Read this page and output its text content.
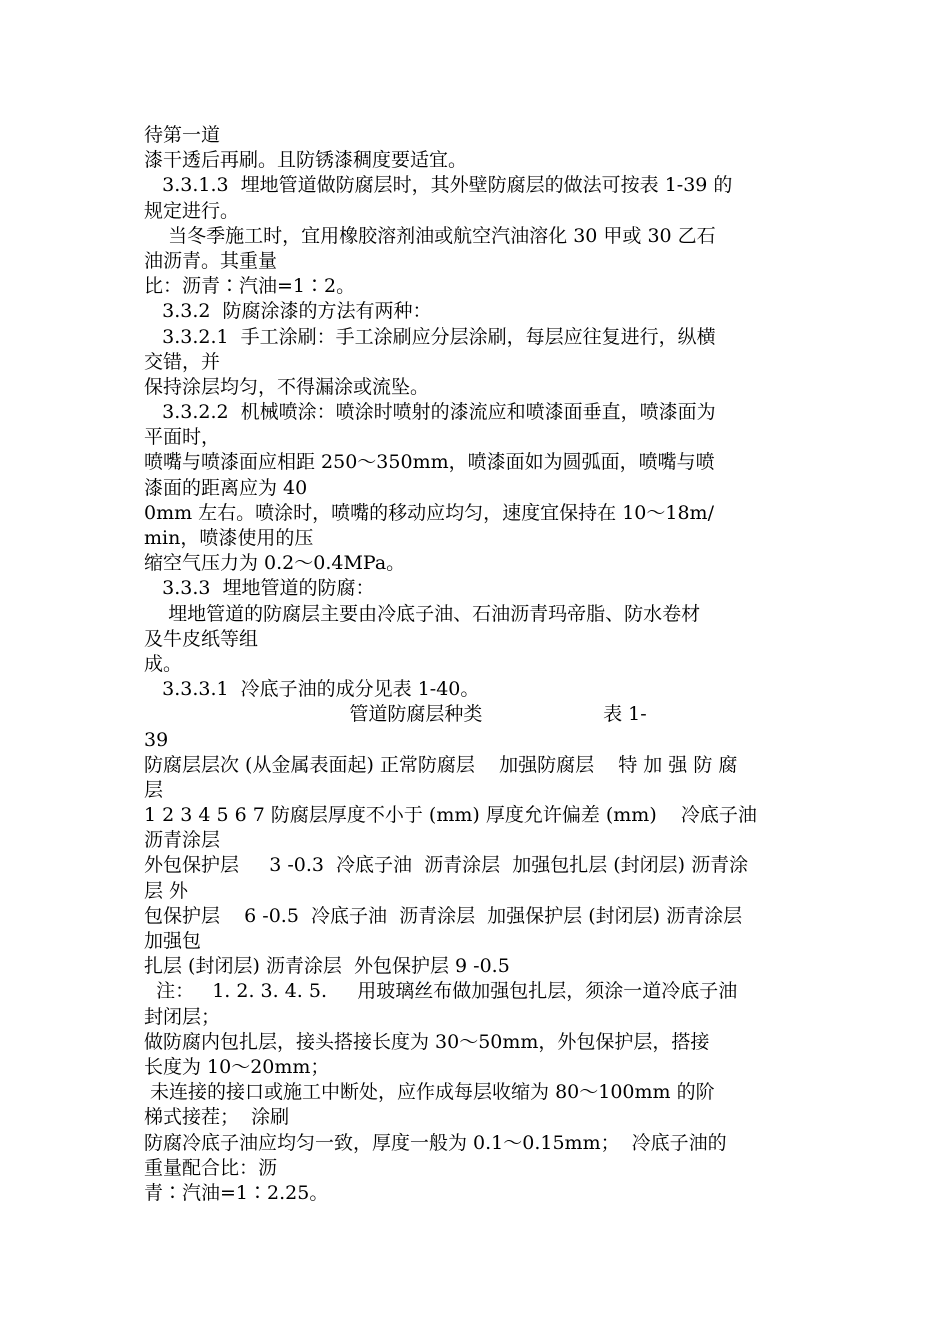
待第一道
漆干透后再刷。且防锈漆稠度要适宜。
3.3.1.3  埋地管道做防腐层时，其外壁防腐层的做法可按表 1-39 的
规定进行。
当冬季施工时，宜用橡胶溶剂油或航空汽油溶化 30 甲或 30 乙石
油沥青。其重量
比：沥青∶汽油=1∶2。
3.3.2  防腐涂漆的方法有两种：
3.3.2.1  手工涂刷：手工涂刷应分层涂刷，每层应往复进行，纵横
交错，并
保持涂层均匀，不得漏涂或流坠。
3.3.2.2  机械喷涂：喷涂时喷射的漆流应和喷漆面垂直，喷漆面为
平面时，
喷嘴与喷漆面应相距 250～350mm，喷漆面如为圆弧面，喷嘴与喷
漆面的距离应为 40
0mm 左右。喷涂时，喷嘴的移动应均匀，速度宜保持在 10～18m/
min，喷漆使用的压
缩空气压力为 0.2～0.4MPa。
3.3.3  埋地管道的防腐：
埋地管道的防腐层主要由冷底子油、石油沥青玛帝脂、防水卷材
及牛皮纸等组
成。
3.3.3.1  冷底子油的成分见表 1-40。
管道防腐层种类                    表 1-
39
防腐层层次 (从金属表面起) 正常防腐层    加强防腐层    特 加 强 防 腐
层
1 2 3 4 5 6 7 防腐层厚度不小于 (mm) 厚度允许偏差 (mm)    冷底子油
沥青涂层
外包保护层     3 -0.3  冷底子油  沥青涂层  加强包扎层 (封闭层) 沥青涂
层 外
包保护层    6 -0.5  冷底子油  沥青涂层  加强保护层 (封闭层) 沥青涂层
加强包
扎层 (封闭层) 沥青涂层  外包保护层 9 -0.5
注：   1. 2. 3. 4. 5.     用玻璃丝布做加强包扎层，须涂一道冷底子油
封闭层；
做防腐内包扎层，接头搭接长度为 30～50mm，外包保护层，搭接
长度为 10～20mm；
未连接的接口或施工中断处，应作成每层收缩为 80～100mm 的阶
梯式接茬；  涂刷
防腐冷底子油应均匀一致，厚度一般为 0.1～0.15mm；  冷底子油的
重量配合比：沥
青∶汽油=1∶2.25。
